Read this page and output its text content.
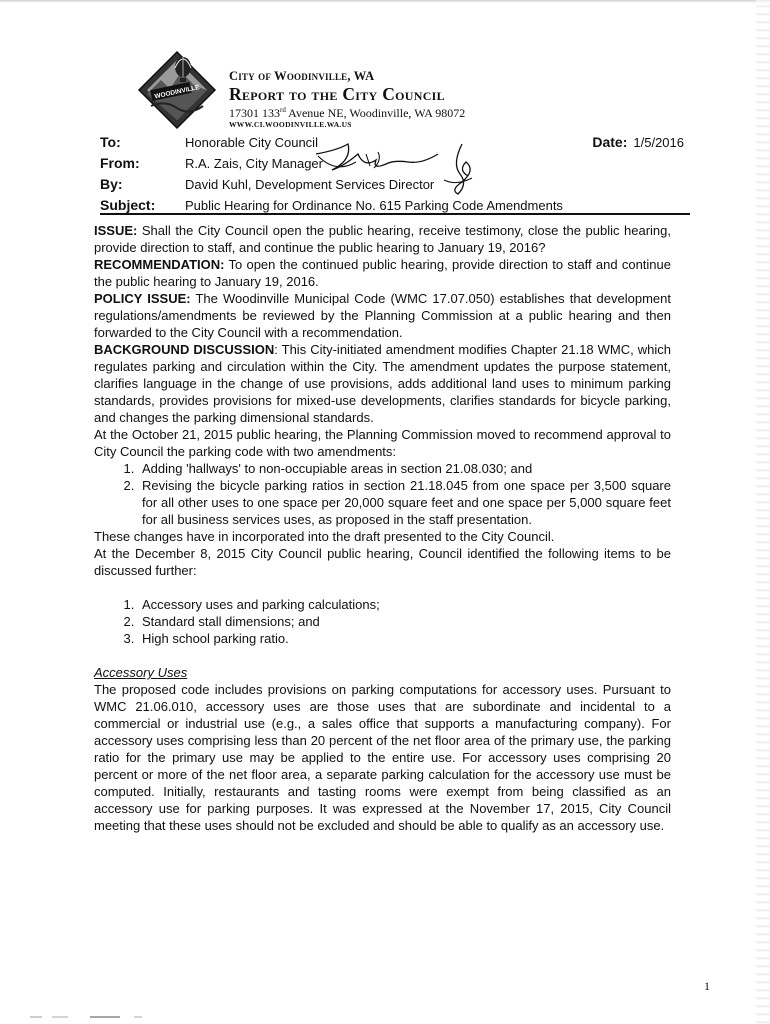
WOODINVILLE
City of Woodinville, WA
Report to the City Council
17301 133rd Avenue NE, Woodinville, WA 98072
WWW.CI.WOODINVILLE.WA.US
To:	Honorable City Council	Date: 1/5/2016
From:	R.A. Zais, City Manager
By:	David Kuhl, Development Services Director
Subject: Public Hearing for Ordinance No. 615 Parking Code Amendments

ISSUE: Shall the City Council open the public hearing, receive testimony, close the public hearing, provide direction to staff, and continue the public hearing to January 19, 2016?

RECOMMENDATION: To open the continued public hearing, provide direction to staff and continue the public hearing to January 19, 2016.

POLICY ISSUE: The Woodinville Municipal Code (WMC 17.07.050) establishes that development regulations/amendments be reviewed by the Planning Commission at a public hearing and then forwarded to the City Council with a recommendation.

BACKGROUND DISCUSSION: This City-initiated amendment modifies Chapter 21.18 WMC, which regulates parking and circulation within the City. The amendment updates the purpose statement, clarifies language in the change of use provisions, adds additional land uses to minimum parking standards, provides provisions for mixed-use developments, clarifies standards for bicycle parking, and changes the parking dimensional standards.

At the October 21, 2015 public hearing, the Planning Commission moved to recommend approval to City Council the parking code with two amendments:

1. Adding 'hallways' to non-occupiable areas in section 21.08.030; and
2. Revising the bicycle parking ratios in section 21.18.045 from one space per 3,500 square for all other uses to one space per 20,000 square feet and one space per 5,000 square feet for all business services uses, as proposed in the staff presentation.

These changes have in incorporated into the draft presented to the City Council.

At the December 8, 2015 City Council public hearing, Council identified the following items to be discussed further:

1. Accessory uses and parking calculations;
2. Standard stall dimensions; and
3. High school parking ratio.

Accessory Uses

The proposed code includes provisions on parking computations for accessory uses. Pursuant to WMC 21.06.010, accessory uses are those uses that are subordinate and incidental to a commercial or industrial use (e.g., a sales office that supports a manufacturing company). For accessory uses comprising less than 20 percent of the net floor area of the primary use, the parking ratio for the primary use may be applied to the entire use. For accessory uses comprising 20 percent or more of the net floor area, a separate parking calculation for the accessory use must be computed. Initially, restaurants and tasting rooms were exempt from being classified as an accessory use for parking purposes. It was expressed at the November 17, 2015, City Council meeting that these uses should not be excluded and should be able to qualify as an accessory use.

1
